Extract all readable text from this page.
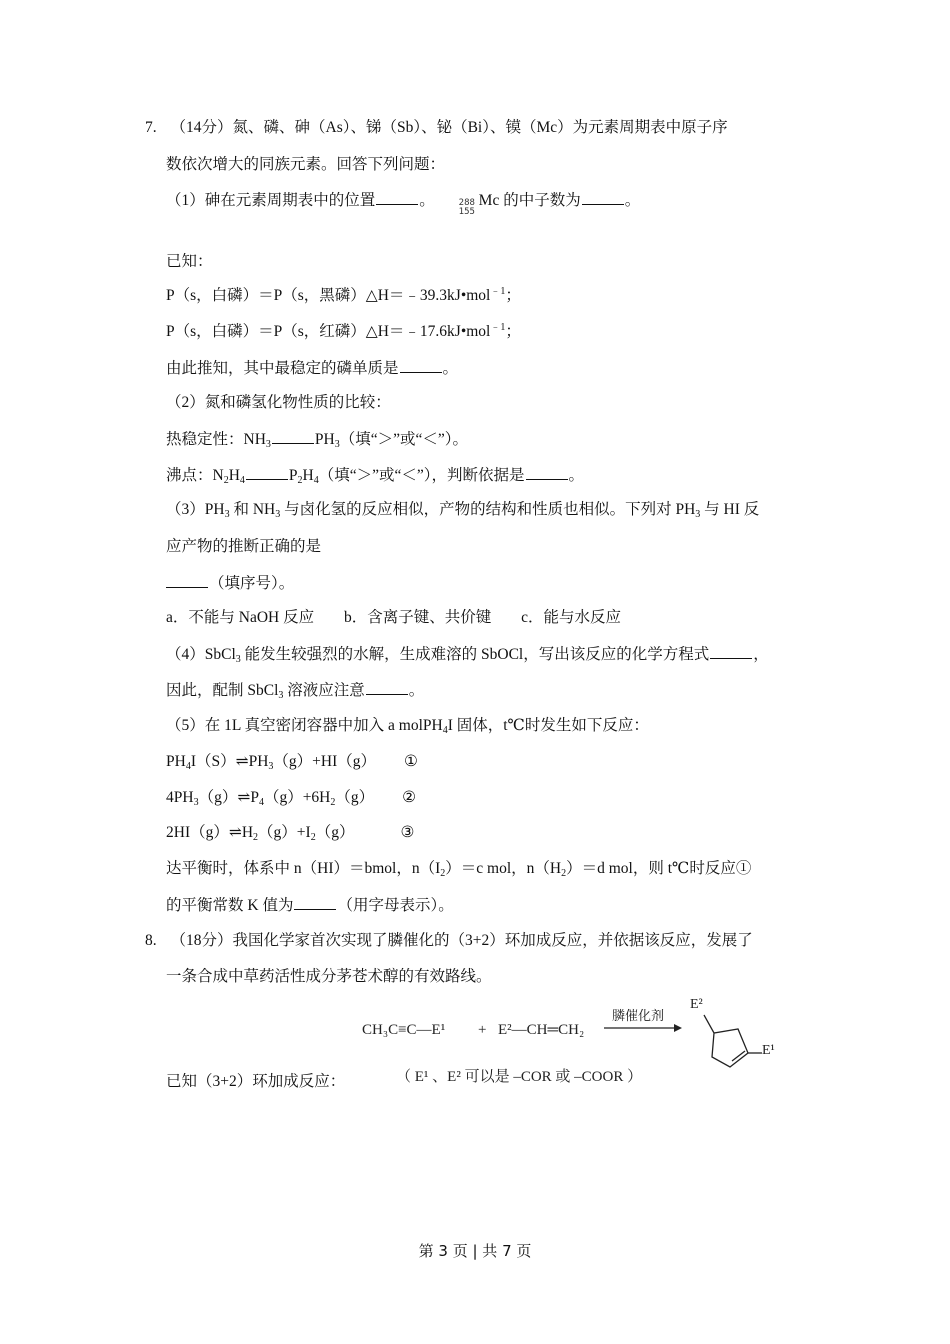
7. （14分）氮、磷、砷（As）、锑（Sb）、铋（Bi）、镆（Mc）为元素周期表中原子序
数依次增大的同族元素。回答下列问题：
（1）砷在元素周期表中的位置	。	288
155
Mc 的中子数为	。
已知：
P（s，白磷）＝P（s，黑磷）△H＝﹣39.3kJ•mol$^{﹣1}$；
P（s，白磷）＝P（s，红磷）△H＝﹣17.6kJ•mol$^{﹣1}$；
由此推知，其中最稳定的磷单质是	。
（2）氮和磷氢化物性质的比较：
热稳定性：$NH_3$	$PH_3$（填“＞”或“＜”）。
沸点：$N_2H_4$	$P_2H_4$（填“＞”或“＜”），判断依据是	。
$(3)PH_3$ 和 $NH_3$ 与卤化氢的反应相似，产物的结构和性质也相似。下列对 $PH_3$ 与 HI 反
应产物的推断正确的是
（填序号）。
a．不能与 NaOH 反应 b．含离子键、共价键 c．能与水反应
（4）SbCl$_3$ 能发生较强烈的水解，生成难溶的 SbOCl，写出该反应的化学方程式	，
因此，配制 SbCl$_3$ 溶液应注意	。
（5）在 1L 真空密闭容器中加入 a molPH$_4$I 固体，t℃时发生如下反应：
$PH_4I(S)\rightleftharpoons PH_3(g)+HI(g)$ ①
$4PH_3(g)\rightleftharpoons P_4(g)+6H_2(g)$ ②
$2HI(g)\rightleftharpoons H_2(g)+I_2(g)$	③
达平衡时，体系中 n（HI）＝bmol，$n(I_2)=c$ mol，$n(H_2)=d$ mol，则 t℃时反应①
的平衡常数 K 值为	（用字母表示）。
8. （18分）我国化学家首次实现了膦催化的（3+2）环加成反应，并依据该反应，发展了
一条合成中草药活性成分茅苍术醇的有效路线。
已知（3+2）环加成反应：
CH₃C≡C—E¹ + E²—CH═CH₂
膦催化剂
E²
E¹
（ E¹ 、E² 可以是 –COR 或 –COOR ）
第 3 页 | 共 7 页
